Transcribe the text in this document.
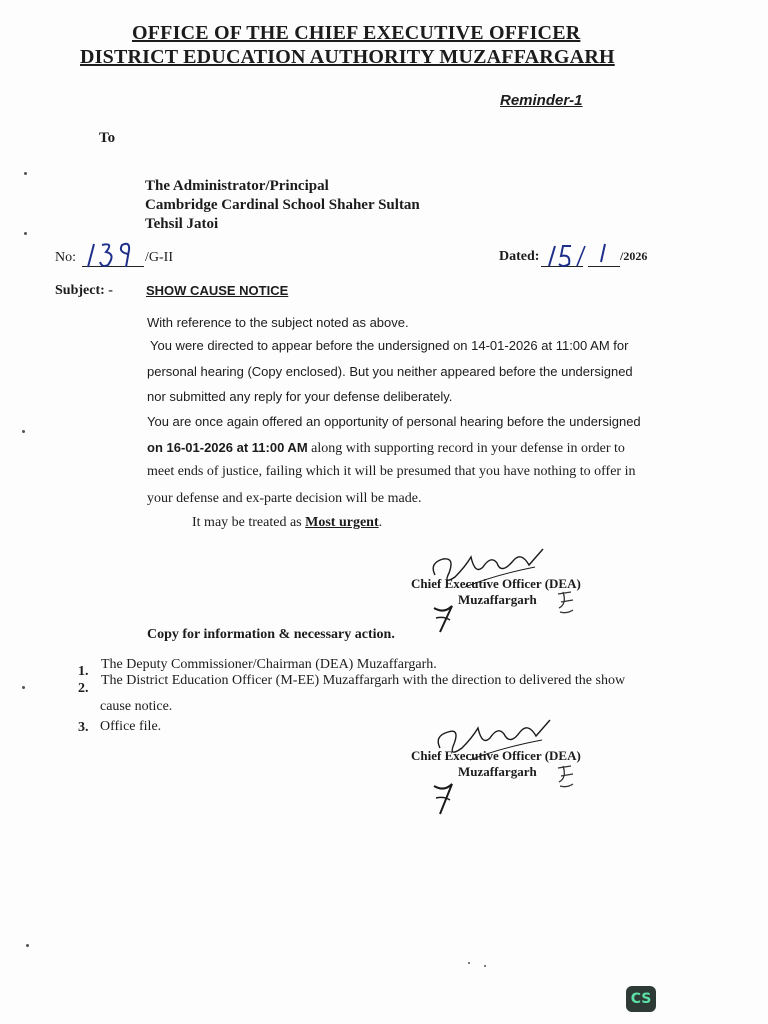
OFFICE OF THE CHIEF EXECUTIVE OFFICER
DISTRICT EDUCATION AUTHORITY MUZAFFARGARH
Reminder-1
To
The Administrator/Principal
Cambridge Cardinal School Shaher Sultan
Tehsil Jatoi
No:	/G-II	Dated:	/2026
Subject: -	SHOW CAUSE NOTICE
With reference to the subject noted as above.
You were directed to appear before the undersigned on 14-01-2026 at 11:00 AM for
personal hearing (Copy enclosed). But you neither appeared before the undersigned
nor submitted any reply for your defense deliberately.
You are once again offered an opportunity of personal hearing before the undersigned
on 16-01-2026 at 11:00 AM along with supporting record in your defense in order to
meet ends of justice, failing which it will be presumed that you have nothing to offer in
your defense and ex-parte decision will be made.
It may be treated as Most urgent.
Chief Executive Officer (DEA)
Muzaffargarh
Copy for information & necessary action.
1. The Deputy Commissioner/Chairman (DEA) Muzaffargarh.
2.
The District Education Officer (M-EE) Muzaffargarh with the direction to delivered the show
cause notice.
3. Office file.
Chief Executive Officer (DEA)
Muzaffargarh
CS
